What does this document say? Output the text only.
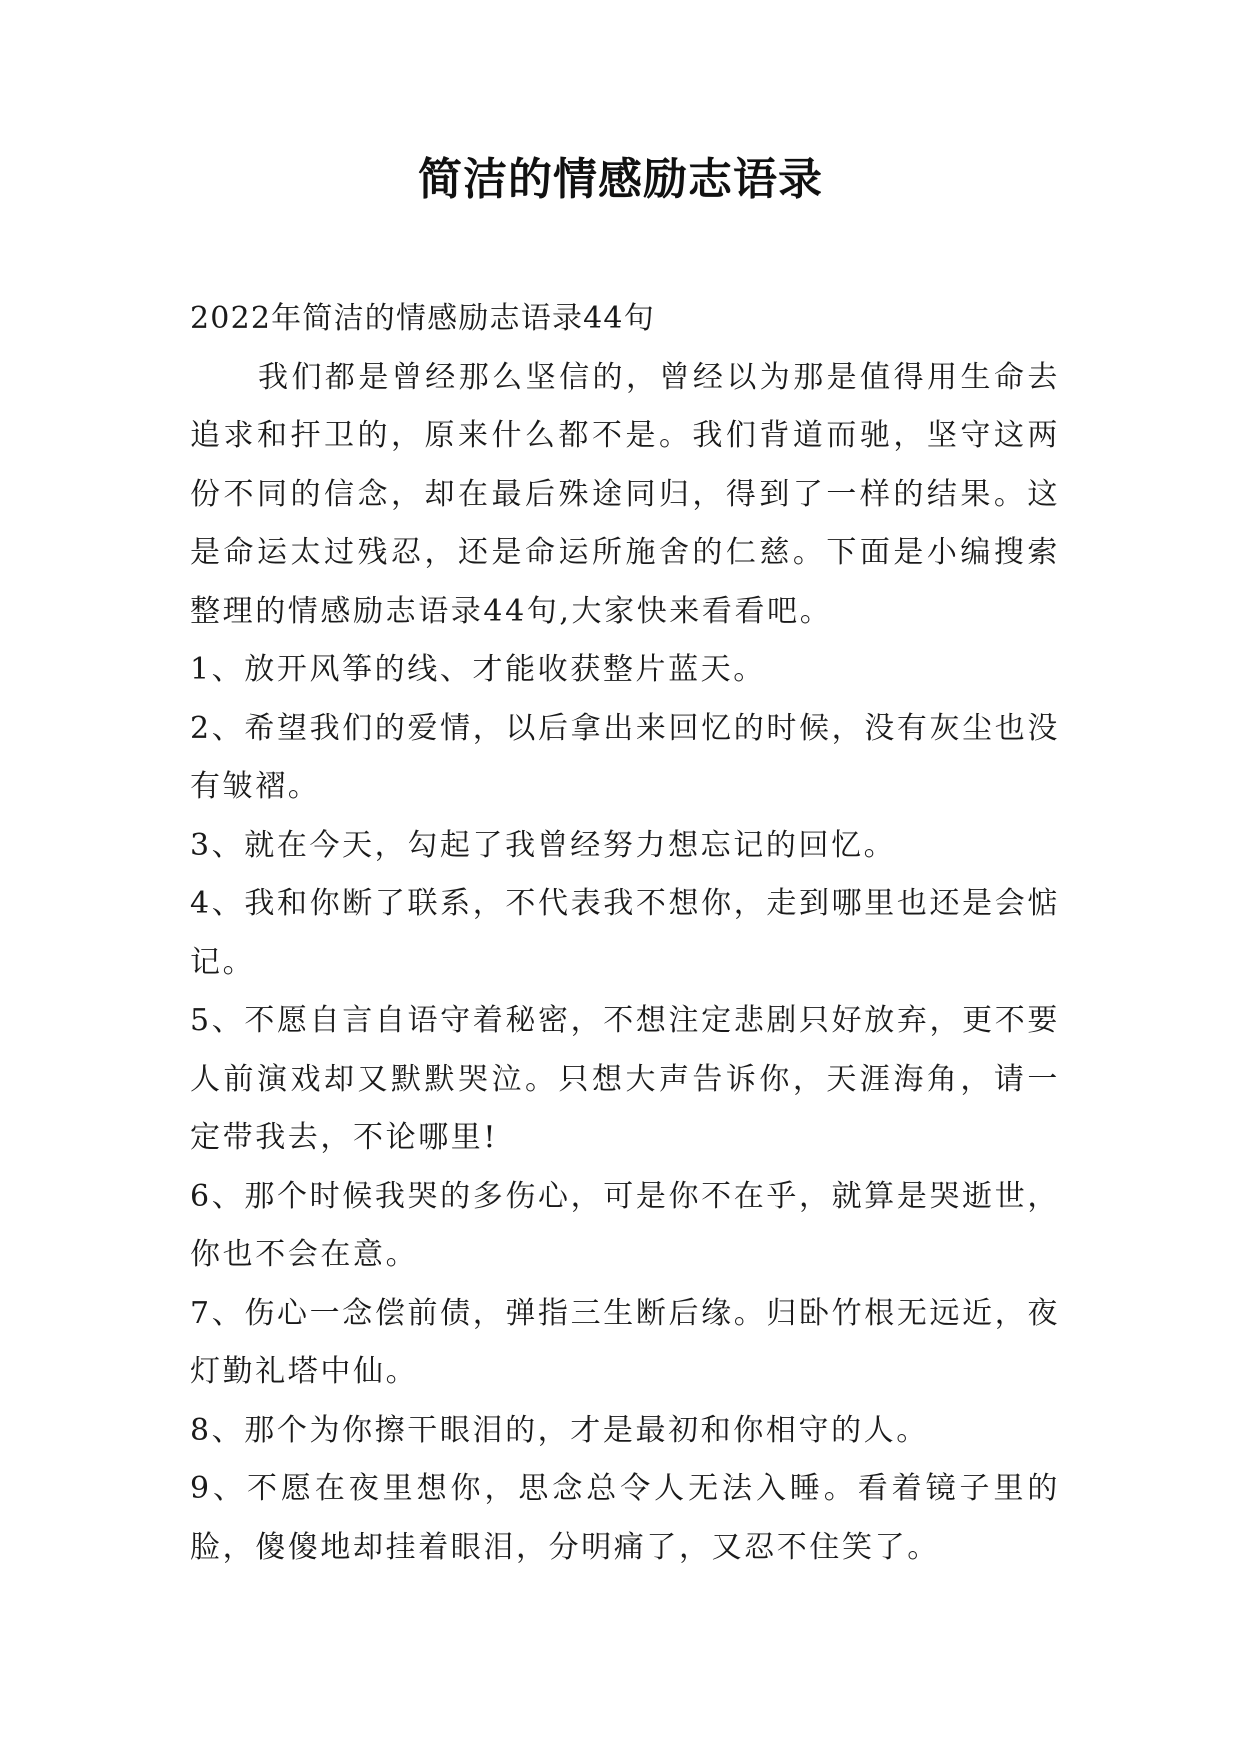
简洁的情感励志语录

2022年简洁的情感励志语录44句

我们都是曾经那么坚信的，曾经以为那是值得用生命去追求和扞卫的，原来什么都不是。我们背道而驰，坚守这两份不同的信念，却在最后殊途同归，得到了一样的结果。这是命运太过残忍，还是命运所施舍的仁慈。下面是小编搜索整理的情感励志语录44句,大家快来看看吧。

1、放开风筝的线、才能收获整片蓝天。

2、希望我们的爱情，以后拿出来回忆的时候，没有灰尘也没有皱褶。

3、就在今天，勾起了我曾经努力想忘记的回忆。

4、我和你断了联系，不代表我不想你，走到哪里也还是会惦记。

5、不愿自言自语守着秘密，不想注定悲剧只好放弃，更不要人前演戏却又默默哭泣。只想大声告诉你，天涯海角，请一定带我去，不论哪里!

6、那个时候我哭的多伤心，可是你不在乎，就算是哭逝世，你也不会在意。

7、伤心一念偿前债，弹指三生断后缘。归卧竹根无远近，夜灯勤礼塔中仙。

8、那个为你擦干眼泪的，才是最初和你相守的人。

9、不愿在夜里想你，思念总令人无法入睡。看着镜子里的脸，傻傻地却挂着眼泪，分明痛了，又忍不住笑了。
